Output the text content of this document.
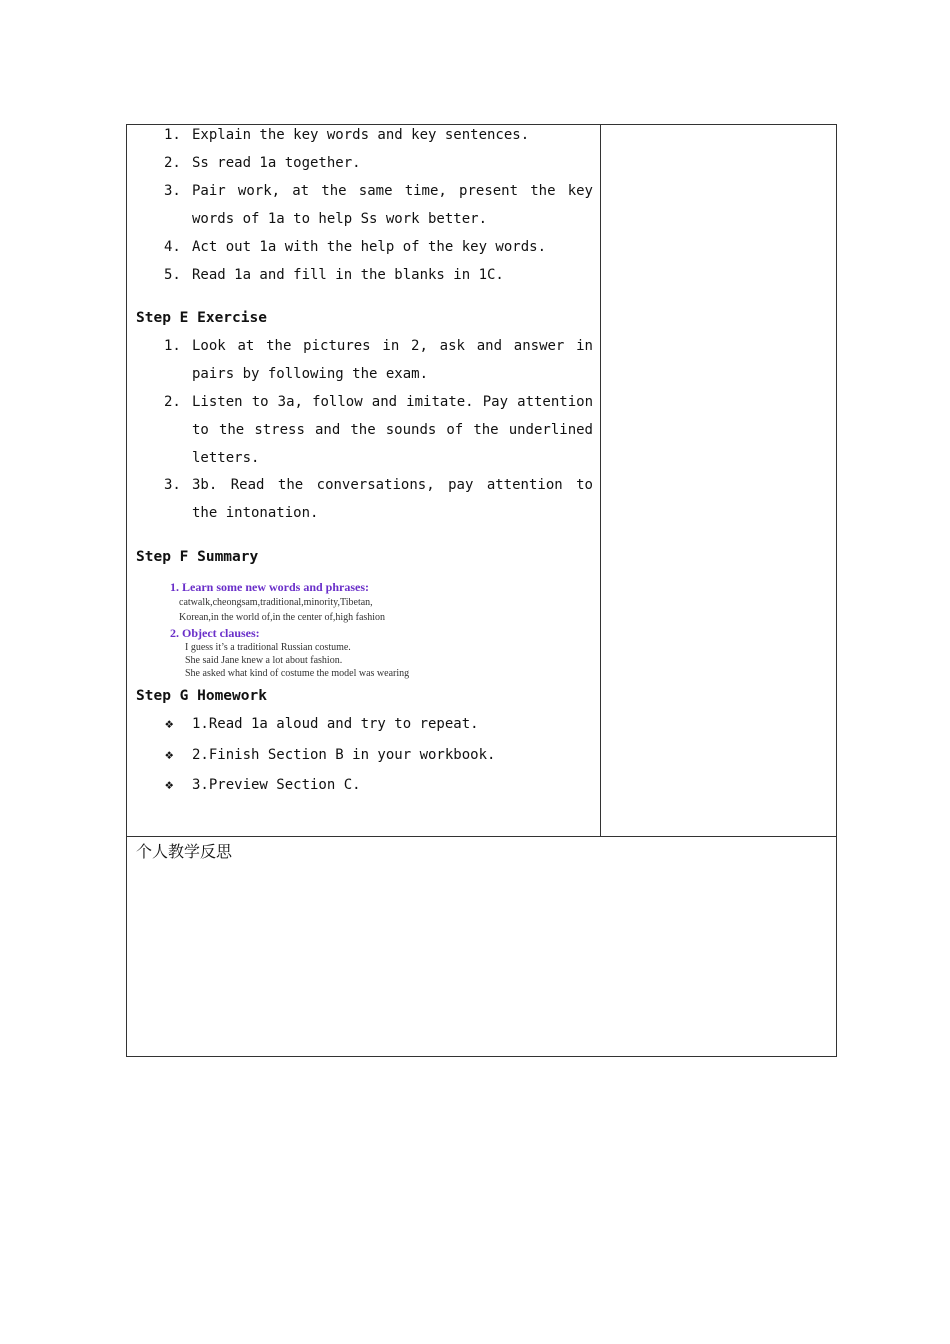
1. Explain the key words and key sentences.
2. Ss read 1a together.
3. Pair work, at the same time, present the key
words of 1a to help Ss work better.
4. Act out 1a with the help of the key words.
5. Read 1a and fill in the blanks in 1C.
Step E Exercise
1. Look at the pictures in 2, ask and answer in
pairs by following the exam.
2. Listen to 3a, follow and imitate. Pay attention
to the stress and the sounds of the underlined
letters.
3. 3b. Read the conversations, pay attention to
the intonation.
Step F Summary
1. Learn some new words and phrases:
catwalk,cheongsam,traditional,minority,Tibetan,
Korean,in the world of,in the center of,high fashion
2. Object clauses:
I guess it’s a traditional Russian costume.
She said Jane knew a lot about fashion.
She asked what kind of costume the model was wearing
Step G Homework
❖ 1.Read 1a aloud and try to repeat.
❖ 2.Finish Section B in your workbook.
❖ 3.Preview Section C.
个人教学反思
